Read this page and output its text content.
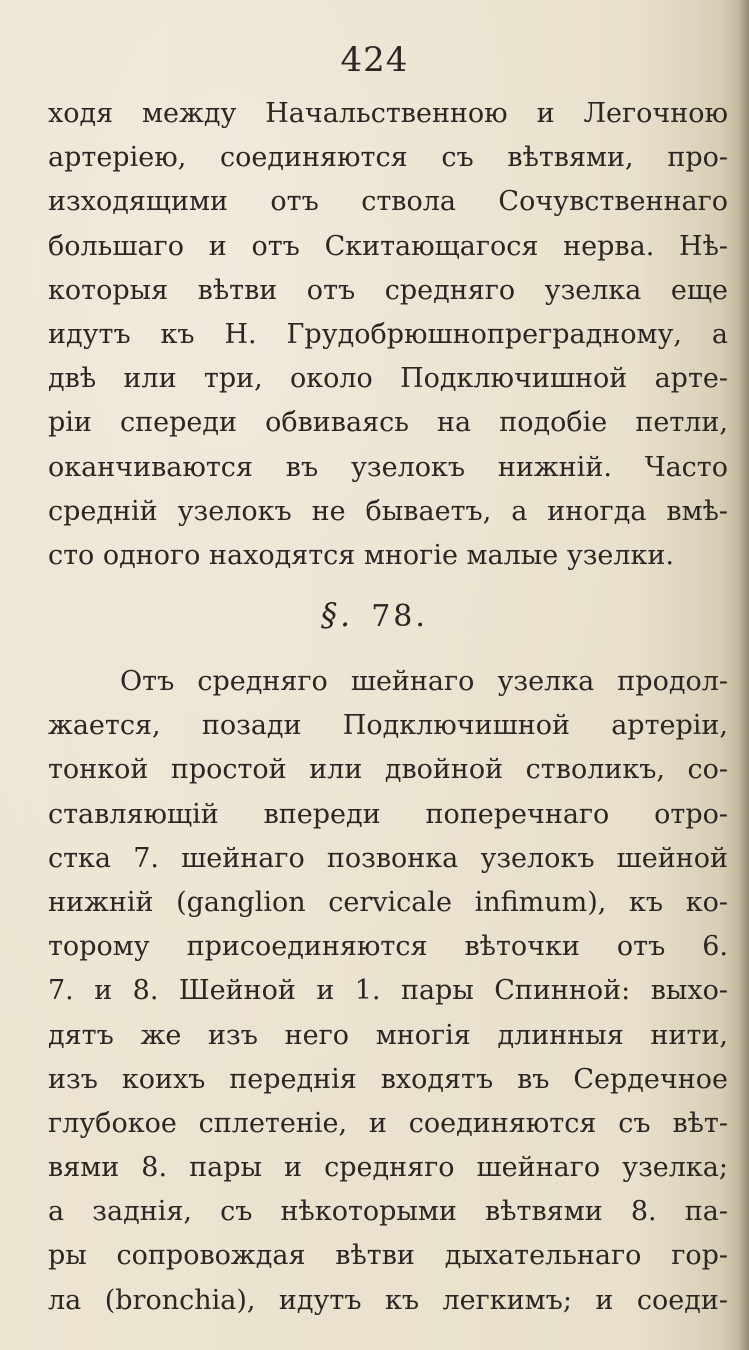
424
ходя между Начальственною и Легочною
артеріею, соединяются съ вѣтвями, про-
изходящими отъ ствола Сочувственнаго
большаго и отъ Скитающагося нерва. Нѣ-
которыя вѣтви отъ средняго узелка еще
идутъ къ Н. Грудобрюшнопреградному, а
двѣ или три, около Подключишной арте-
ріи спереди обвиваясь на подобіе петли,
оканчиваются въ узелокъ нижній. Часто
средній узелокъ не бываетъ, а иногда вмѣ-
сто одного находятся многіе малые узелки.
§. 78.
Отъ средняго шейнаго узелка продол-
жается, позади Подключишной артеріи,
тонкой простой или двойной стволикъ, со-
ставляющій впереди поперечнаго отро-
стка 7. шейнаго позвонка узелокъ шейной
нижній (ganglion cervicale infimum), къ ко-
торому присоединяются вѣточки отъ 6.
7. и 8. Шейной и 1. пары Спинной: выхо-
дятъ же изъ него многія длинныя нити,
изъ коихъ переднія входятъ въ Сердечное
глубокое сплетеніе, и соединяются съ вѣт-
вями 8. пары и средняго шейнаго узелка;
а заднія, съ нѣкоторыми вѣтвями 8. па-
ры сопровождая вѣтви дыхательнаго гор-
ла (bronchia), идутъ къ легкимъ; и соеди-
